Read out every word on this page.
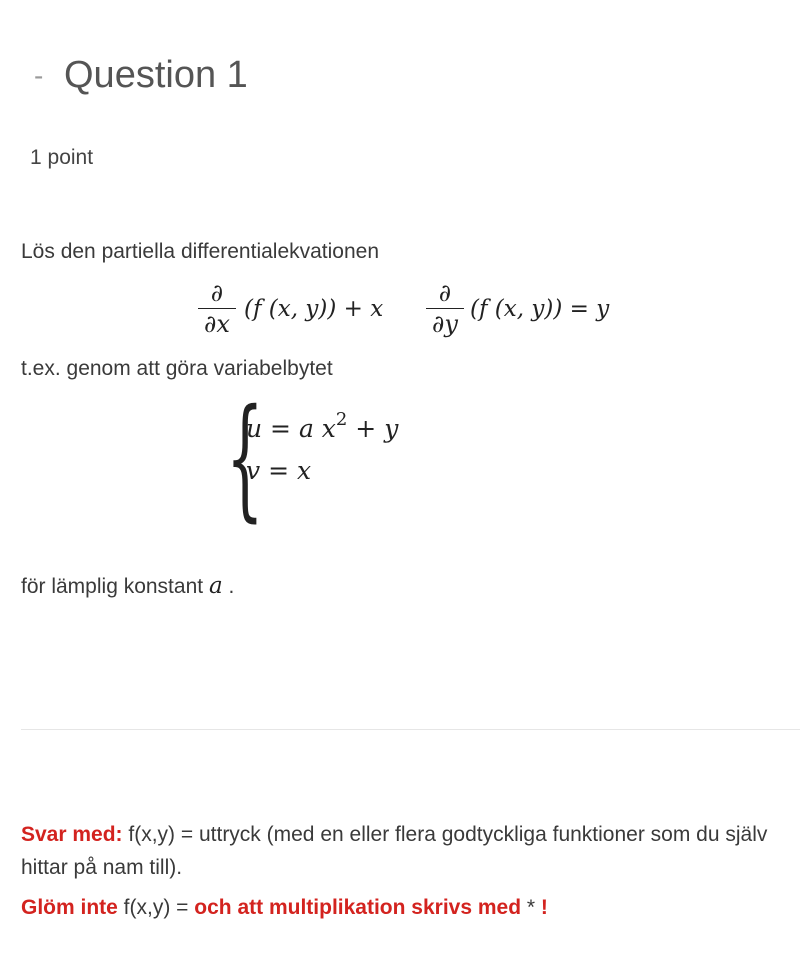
- Question 1
1 point
Lös den partiella differentialekvationen
∂
∂x
(f (x, y)) + x
∂
∂y
(f (x, y)) = y
t.ex. genom att göra variabelbytet
{
u = a $x^2 + y$
v = x
för lämplig konstant a .
Svar med: f(x,y) = uttryck (med en eller flera godtyckliga funktioner som du själv hittar på nam till).
Glöm inte f(x,y) = och att multiplikation skrivs med * !
